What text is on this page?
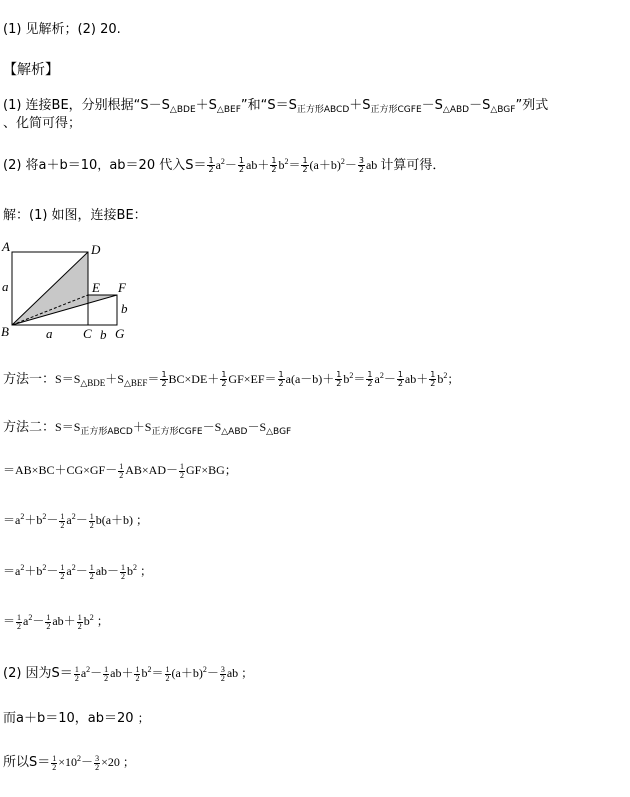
(1) 见解析；(2) 20.
【解析】
(1) 连接BE，分别根据“$S-S_{\triangle BDE}+S_{\triangle BEF}$”和“$S=S_{正方形ABCD}+S_{正方形CGFE}-S_{\triangle ABD}-S_{\triangle BGF}$”列式
、化简可得；
(2) 将a＋b＝10，ab＝20 代入$S= \frac{1}{2} a^2- \frac{1}{2} ab+ \frac{1}{2} b^2= \frac{1}{2} (a+b)^2- \frac{3}{2}$ ab 计算可得．
解：(1) 如图，连接BE：
A	D
a	E F
b
B	a C b G
方法一：$S=S_{\triangle BDE}+S_{\triangle BEF}= \frac{1}{2} BC\times DE+ \frac{1}{2} GF\times EF= \frac{1}{2} a(a-b)+ \frac{1}{2} b^2= \frac{1}{2} a^2- \frac{1}{2} ab+ \frac{1}{2} b^2$；
方法二：$S=S_{正方形ABCD}+S_{正方形CGFE}-S_{\triangle ABD}-S_{\triangle BGF}$
$=AB\times BC+CG\times GF- \frac{1}{2} AB\times AD- \frac{1}{2} GF\times BG$；
$=a^2+b^2- \frac{1}{2} a^2- \frac{1}{2} b(a+b)$ ；
$=a^2+b^2- \frac{1}{2} a^2- \frac{1}{2} ab- \frac{1}{2} b^2$ ；
＝ $\frac{1}{2} a^2- \frac{1}{2} ab+ \frac{1}{2} b^2$ ；
(2) 因为$S= \frac{1}{2} a^2- \frac{1}{2} ab+ \frac{1}{2} b^2= \frac{1}{2} (a+b)^2- \frac{3}{2}$ ab ；
而a＋b＝10，ab＝20 ；
所以$S= \frac{1}{2} \times 10^2- \frac{3}{2} \times 20$ ；
